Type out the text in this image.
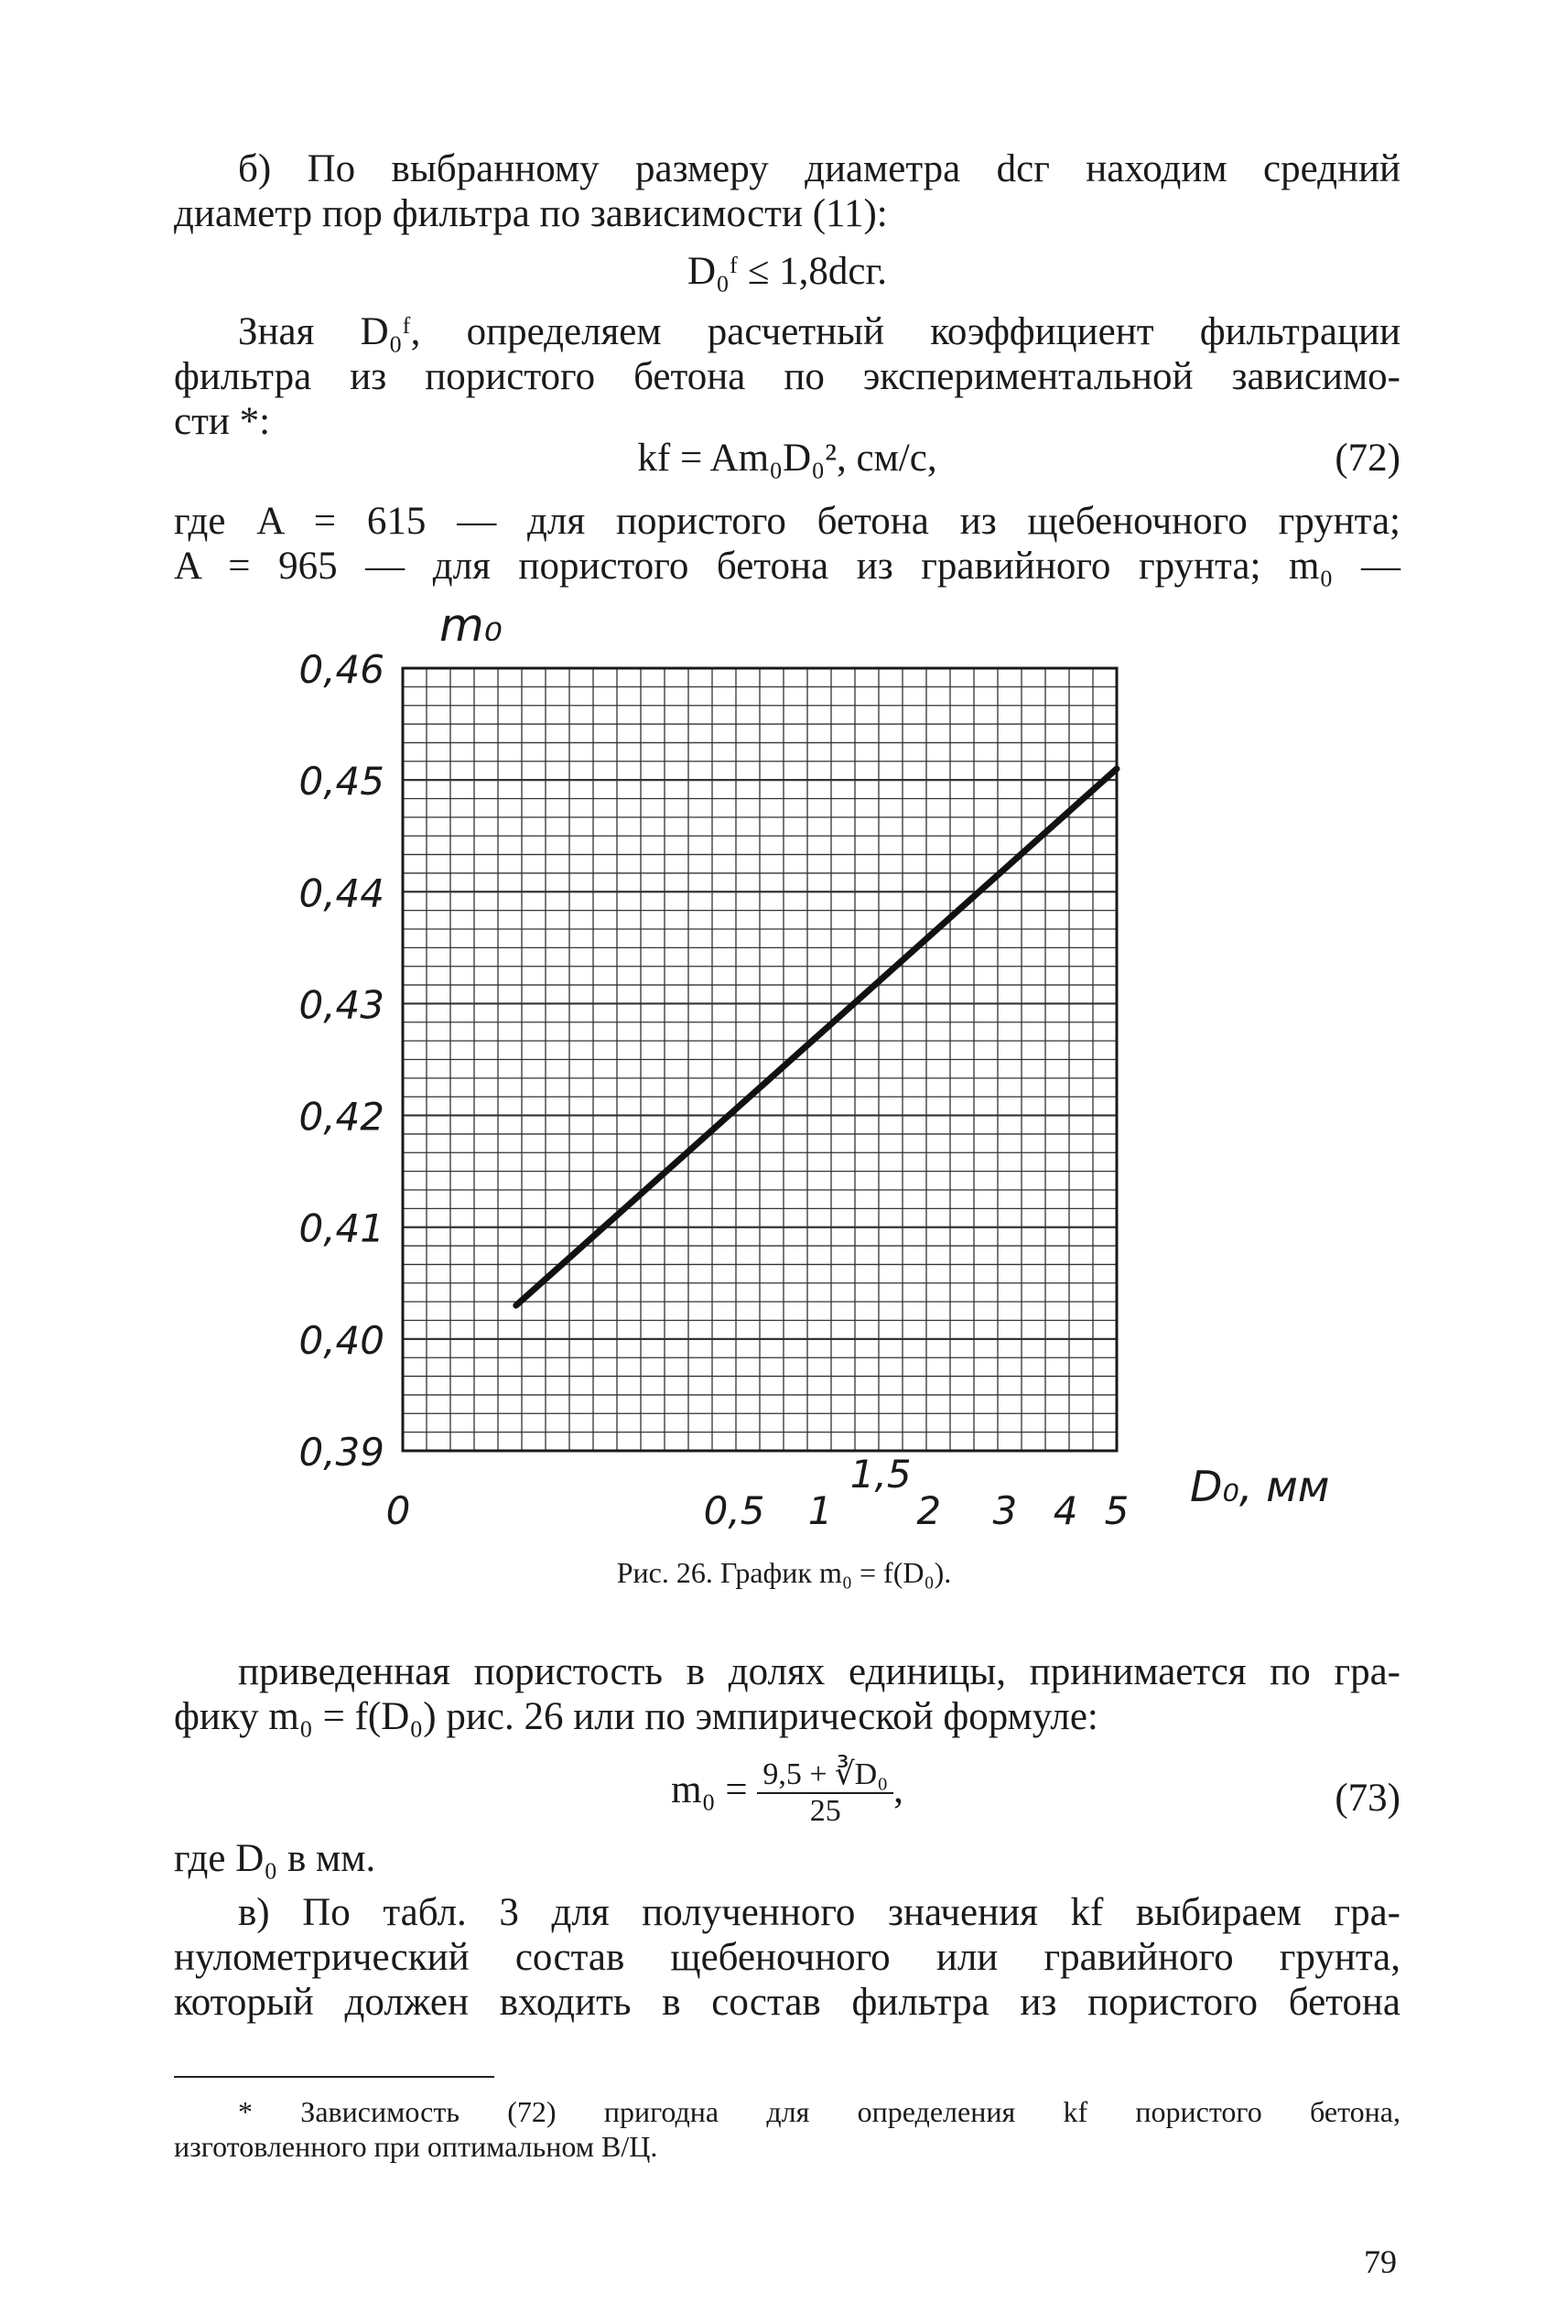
б) По выбранному размеру диаметра dсг находим средний
диаметр пор фильтра по зависимости (11):
D₀ᶠ ≤ 1,8dсг.
Зная D₀ᶠ, определяем расчетный коэффициент фильтрации
фильтра из пористого бетона по экспериментальной зависимо-
сти *:
kf = Am₀D₀², см/с,	(72)
где A = 615 — для пористого бетона из щебеночного грунта;
A = 965 — для пористого бетона из гравийного грунта; m₀ —
0,46
0,45
0,44
0,43
0,42
0,41
0,40
0,39
0	0,5 1
1,5
2 3 4 5
m₀
D₀, мм
Рис. 26. График m₀ = f(D₀).
приведенная пористость в долях единицы, принимается по гра-
фику m₀ = f(D₀) рис. 26 или по эмпирической формуле:
$m_0 = \frac{\text{9,5 + ∛D₀}}{25}$ ,	(73)
где D₀ в мм.
в) По табл. 3 для полученного значения kf выбираем гра-
нулометрический состав щебеночного или гравийного грунта,
который должен входить в состав фильтра из пористого бетона
* Зависимость (72) пригодна для определения kf пористого бетона,
изготовленного при оптимальном В/Ц.
79
